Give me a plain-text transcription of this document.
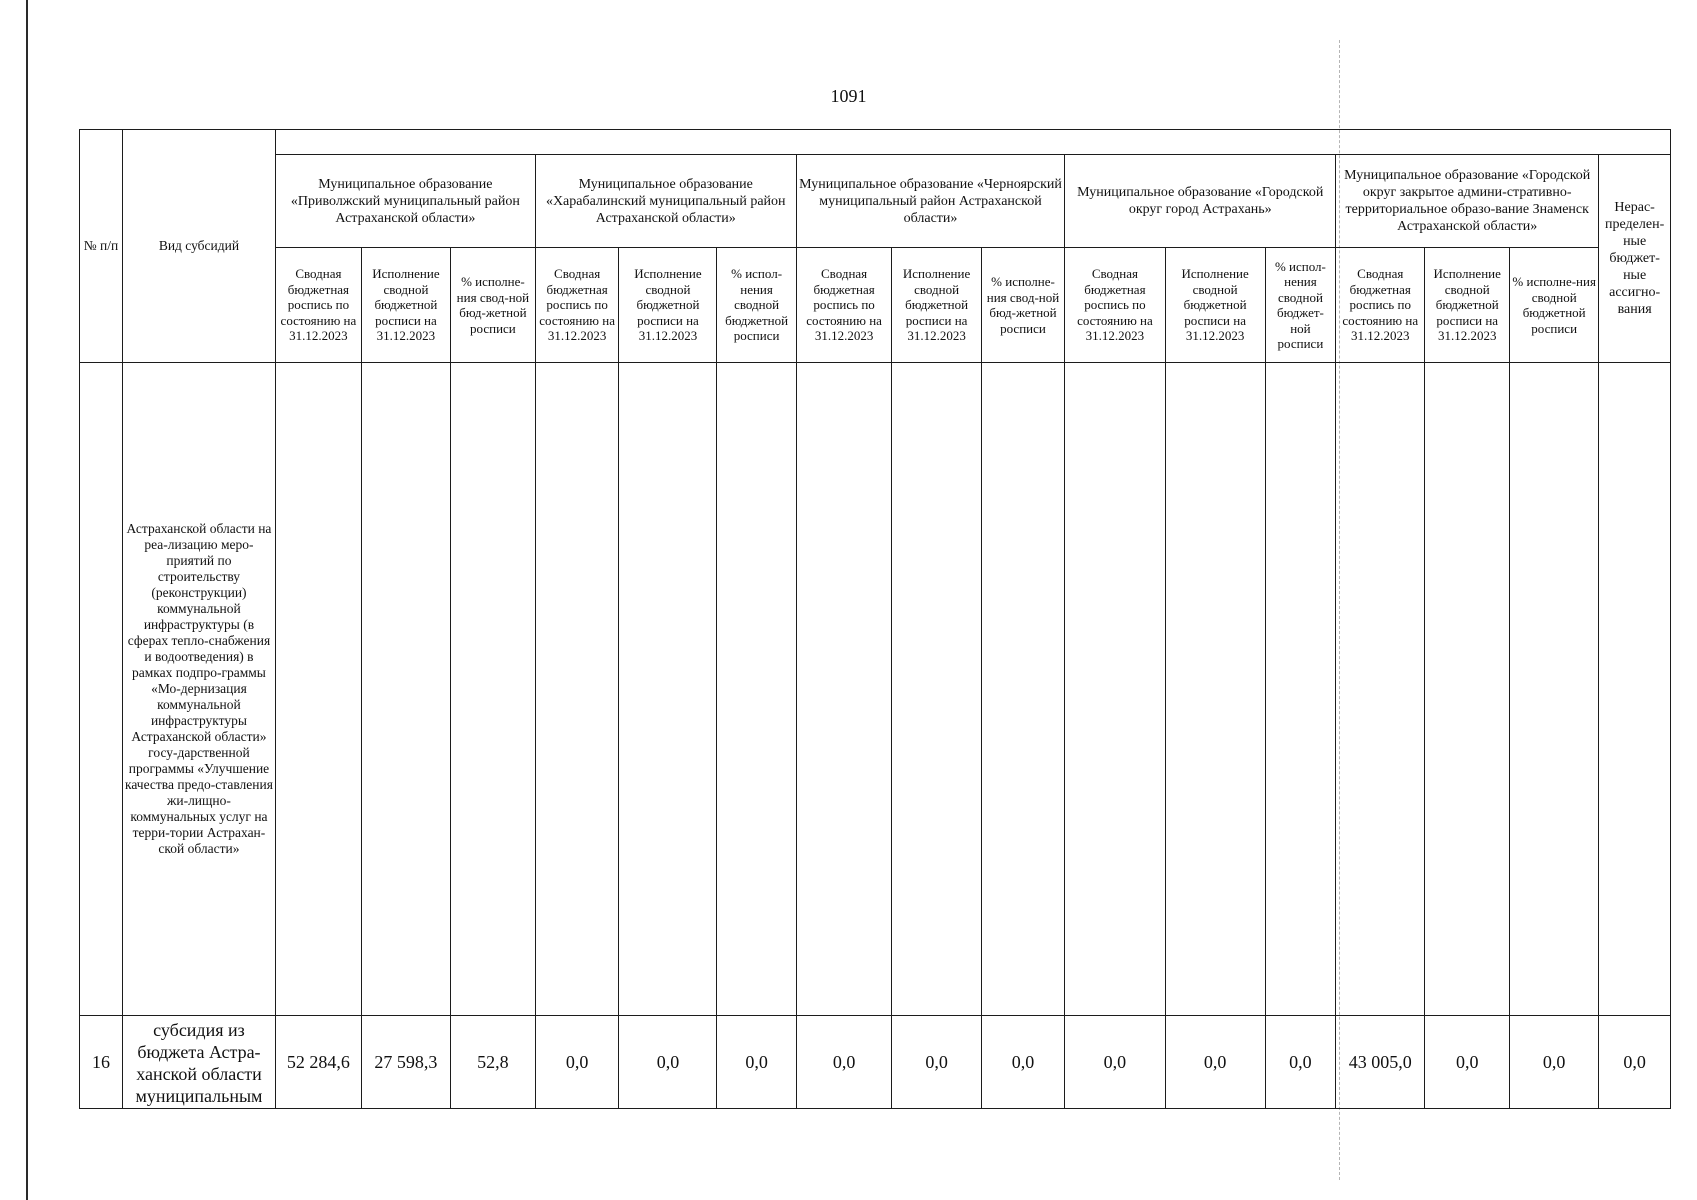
1091
№ п/п	Вид субсидий																
		Муниципальное образование «Приволжский муниципальный район Астраханской области»			Муниципальное образование «Харабалинский муниципальный район Астраханской области»			Муниципальное образование «Черноярский муниципальный район Астраханской области»			Муниципальное образование «Городской округ город Астрахань»			Муниципальное образование «Городской округ закрытое админи-стративно-территориальное образо-вание Знаменск Астраханской области»			Нерас-пределен-ные бюджет-ные ассигно-вания
		Сводная бюджетная роспись по состоянию на 31.12.2023	Исполнение сводной бюджетной росписи на 31.12.2023	% исполне-ния свод-ной бюд-жетной росписи	Сводная бюджетная роспись по состоянию на 31.12.2023	Исполнение сводной бюджетной росписи на 31.12.2023	% испол-нения сводной бюджетной росписи	Сводная бюджетная роспись по состоянию на 31.12.2023	Исполнение сводной бюджетной росписи на 31.12.2023	% исполне-ния свод-ной бюд-жетной росписи	Сводная бюджетная роспись по состоянию на 31.12.2023	Исполнение сводной бюджетной росписи на 31.12.2023	% испол-нения сводной бюджет-ной росписи	Сводная бюджетная роспись по состоянию на 31.12.2023	Исполнение сводной бюджетной росписи на 31.12.2023	% исполне-ния сводной бюджетной росписи	
	Астраханской области на реа-лизацию меро-приятий по строительству (реконструкции) коммунальной инфраструктуры (в сферах тепло-снабжения и водоотведения) в рамках подпро-граммы «Мо-дернизация коммунальной инфраструктуры Астраханской области» госу-дарственной программы «Улучшение качества предо-ставления жи-лищно-коммунальных услуг на терри-тории Астрахан-ской области»																
16	субсидия из бюджета Астра-ханской области муниципальным	52 284,6	27 598,3	52,8	0,0	0,0	0,0	0,0	0,0	0,0	0,0	0,0	0,0	43 005,0	0,0	0,0	0,0
